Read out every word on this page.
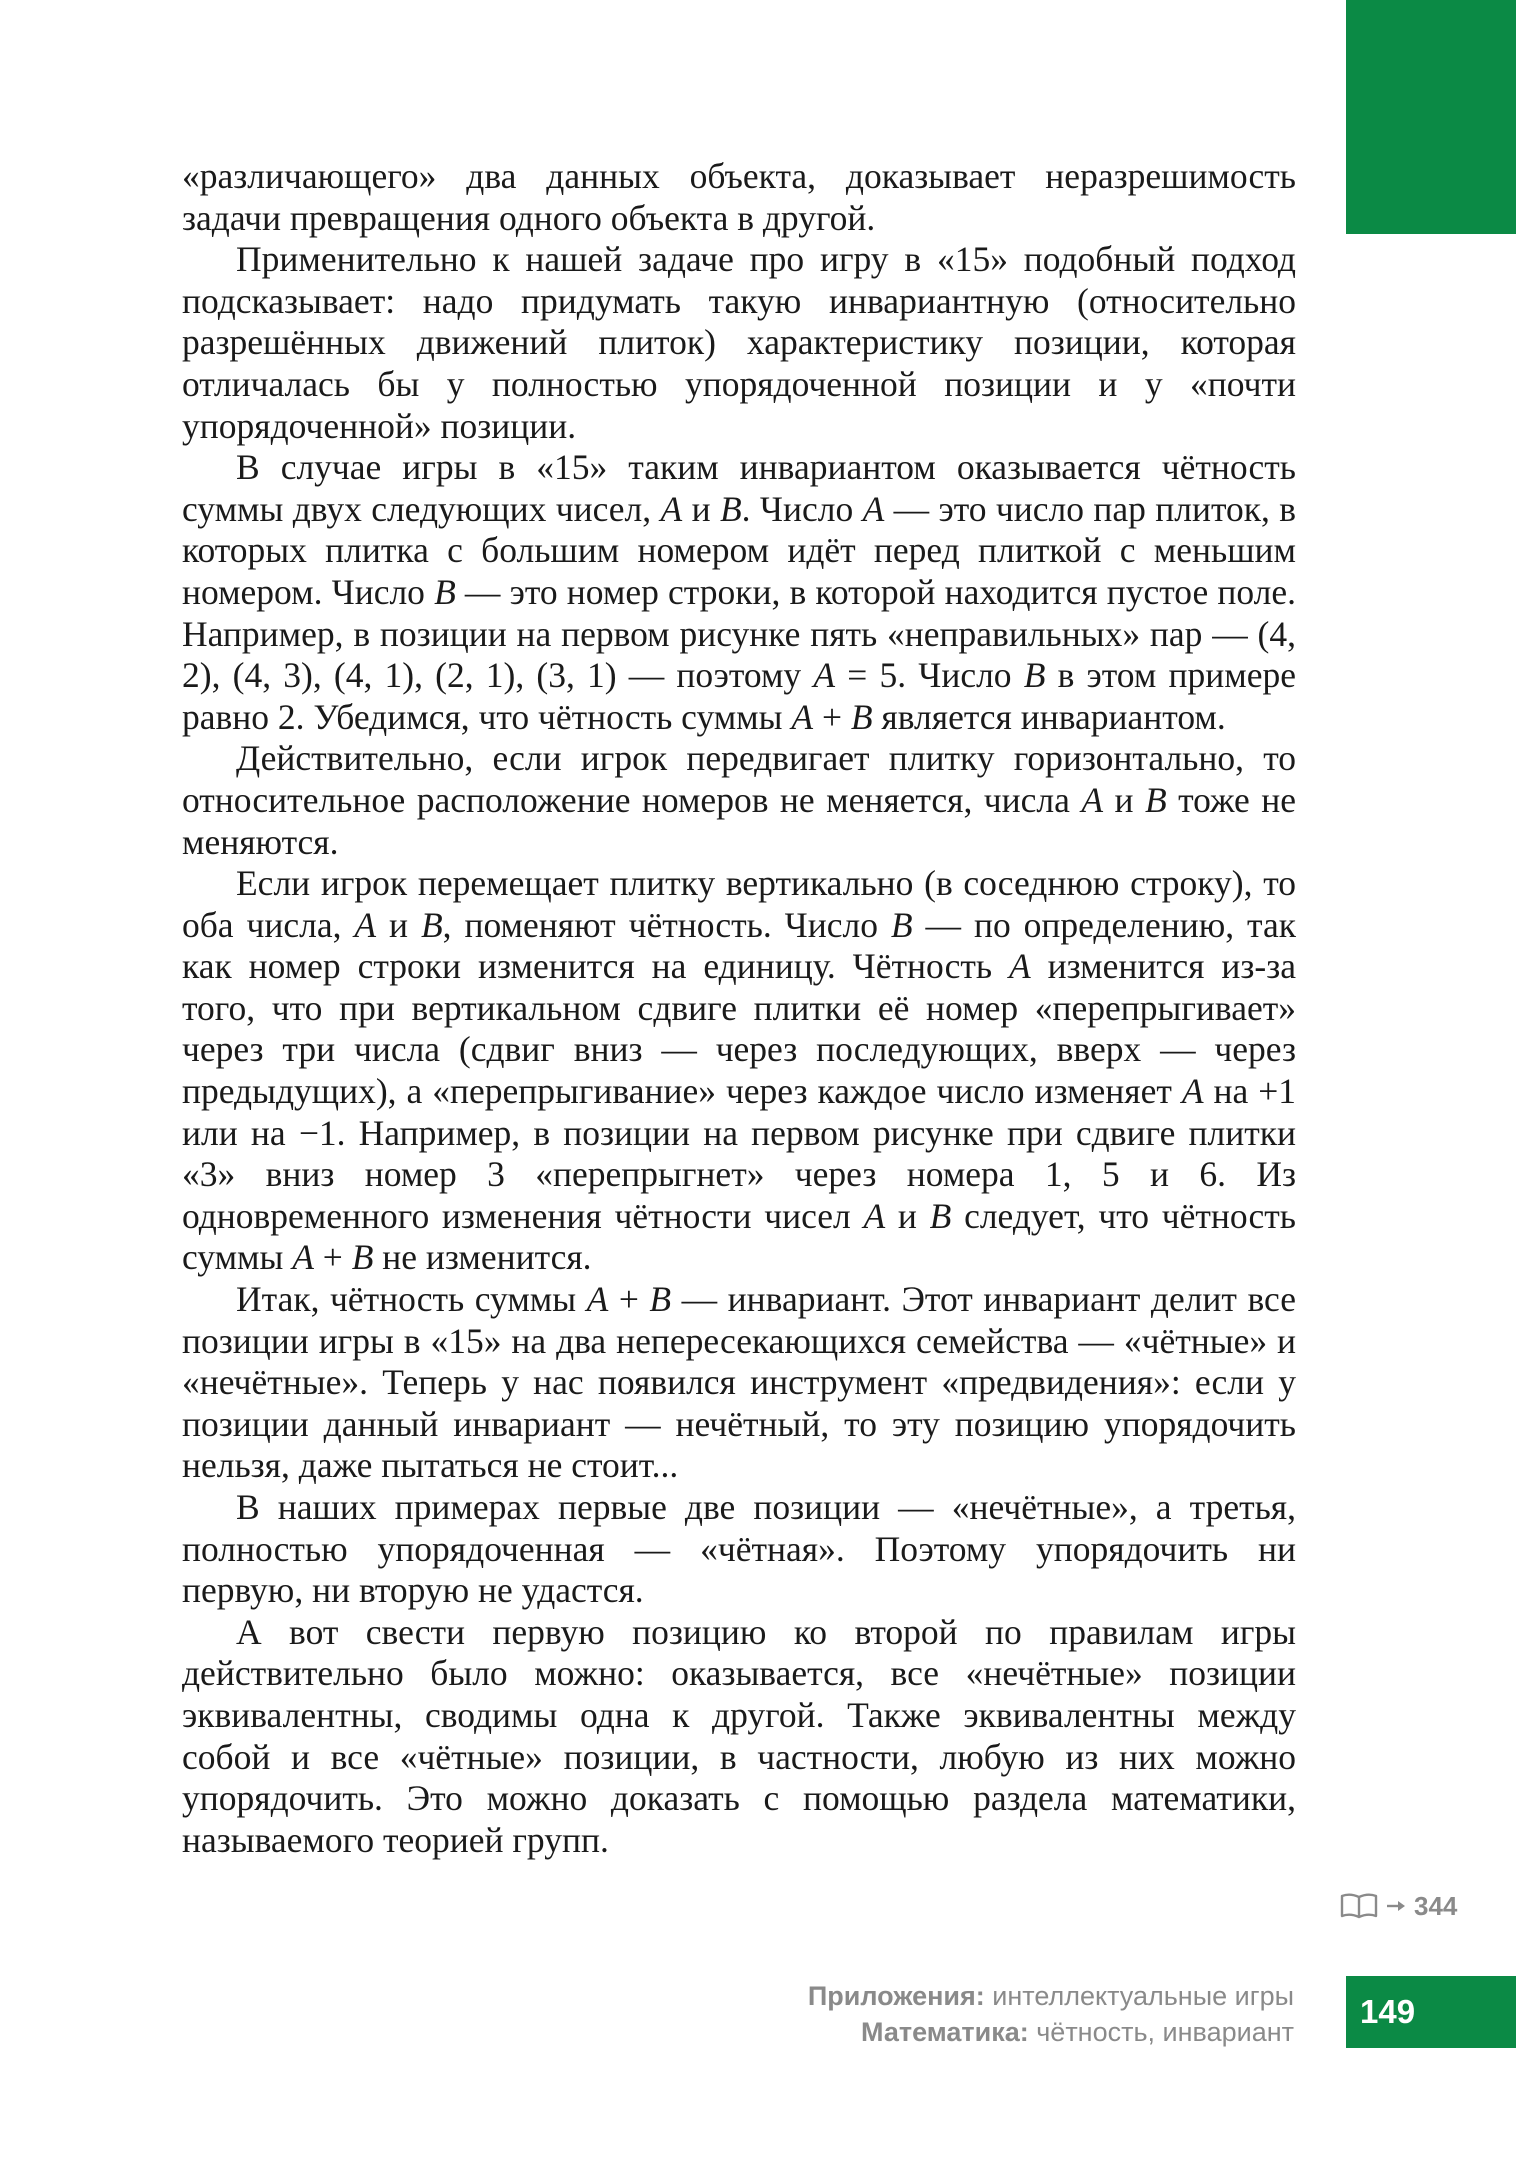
«различающего» два данных объекта, доказывает неразрешимость задачи превращения одного объекта в другой.

Применительно к нашей задаче про игру в «15» подобный подход подсказывает: надо придумать такую инвариантную (относительно разрешённых движений плиток) характеристику позиции, которая отличалась бы у полностью упорядоченной позиции и у «почти упорядоченной» позиции.

В случае игры в «15» таким инвариантом оказывается чётность суммы двух следующих чисел, A и B. Число A — это число пар плиток, в которых плитка с большим номером идёт перед плиткой с меньшим номером. Число B — это номер строки, в которой находится пустое поле. Например, в позиции на первом рисунке пять «неправильных» пар — (4, 2), (4, 3), (4, 1), (2, 1), (3, 1) — поэтому A = 5. Число B в этом примере равно 2. Убедимся, что чётность суммы A + B является инвариантом.

Действительно, если игрок передвигает плитку горизонтально, то относительное расположение номеров не меняется, числа A и B тоже не меняются.

Если игрок перемещает плитку вертикально (в соседнюю строку), то оба числа, A и B, поменяют чётность. Число B — по определению, так как номер строки изменится на единицу. Чётность A изменится из-за того, что при вертикальном сдвиге плитки её номер «перепрыгивает» через три числа (сдвиг вниз — через последующих, вверх — через предыдущих), а «перепрыгивание» через каждое число изменяет A на +1 или на −1. Например, в позиции на первом рисунке при сдвиге плитки «3» вниз номер 3 «перепрыгнет» через номера 1, 5 и 6. Из одновременного изменения чётности чисел A и B следует, что чётность суммы A + B не изменится.

Итак, чётность суммы A + B — инвариант. Этот инвариант делит все позиции игры в «15» на два непересекающихся семейства — «чётные» и «нечётные». Теперь у нас появился инструмент «предвидения»: если у позиции данный инвариант — нечётный, то эту позицию упорядочить нельзя, даже пытаться не стоит...

В наших примерах первые две позиции — «нечётные», а третья, полностью упорядоченная — «чётная». Поэтому упорядочить ни первую, ни вторую не удастся.

А вот свести первую позицию ко второй по правилам игры действительно было можно: оказывается, все «нечётные» позиции эквивалентны, сводимы одна к другой. Также эквивалентны между собой и все «чётные» позиции, в частности, любую из них можно упорядочить. Это можно доказать с помощью раздела математики, называемого теорией групп.

344
Приложения: интеллектуальные игры
Математика: чётность, инвариант
149
